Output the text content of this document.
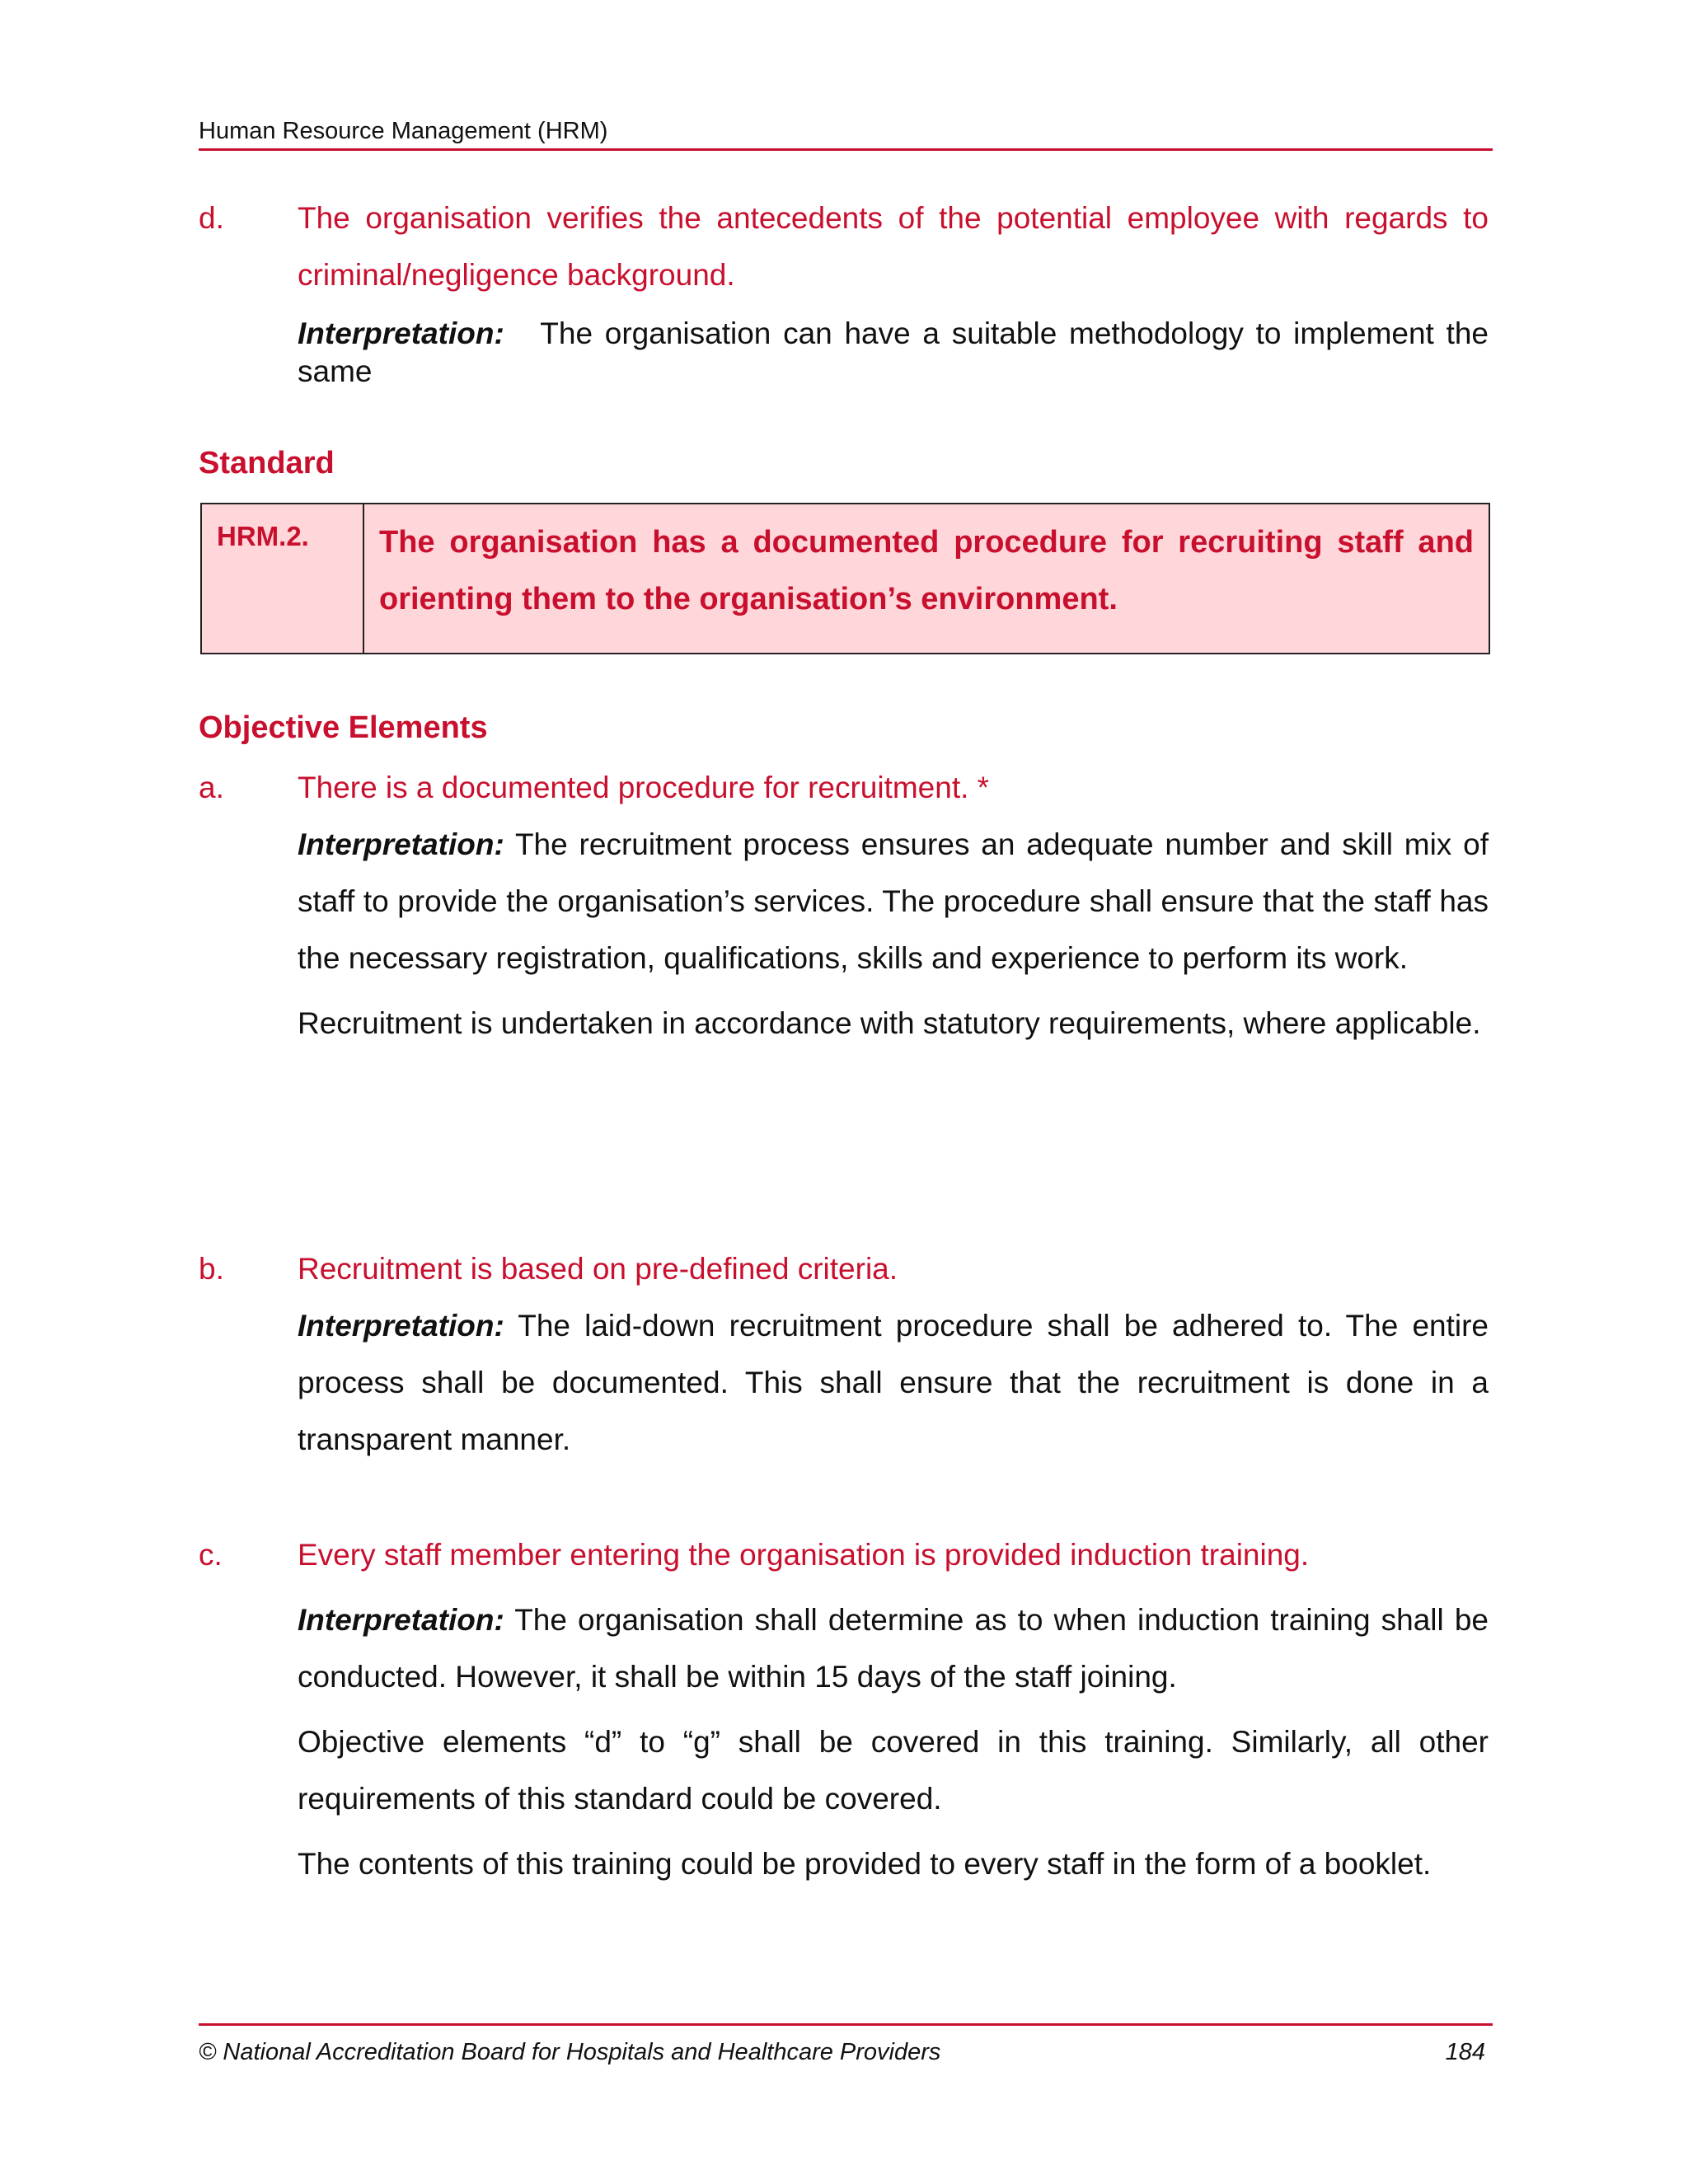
Human Resource Management (HRM)
d. The organisation verifies the antecedents of the potential employee with regards to criminal/negligence background.

Interpretation: The organisation can have a suitable methodology to implement the same

Standard
HRM.2.	The organisation has a documented procedure for recruiting staff and orienting them to the organisation’s environment.
Objective Elements
a. There is a documented procedure for recruitment. *

Interpretation: The recruitment process ensures an adequate number and skill mix of staff to provide the organisation’s services. The procedure shall ensure that the staff has the necessary registration, qualifications, skills and experience to perform its work.

Recruitment is undertaken in accordance with statutory requirements, where applicable.

b. Recruitment is based on pre-defined criteria.

Interpretation: The laid-down recruitment procedure shall be adhered to. The entire process shall be documented. This shall ensure that the recruitment is done in a transparent manner.

c. Every staff member entering the organisation is provided induction training.

Interpretation: The organisation shall determine as to when induction training shall be conducted. However, it shall be within 15 days of the staff joining.

Objective elements “d” to “g” shall be covered in this training. Similarly, all other requirements of this standard could be covered.

The contents of this training could be provided to every staff in the form of a booklet.

© National Accreditation Board for Hospitals and Healthcare Providers	184
